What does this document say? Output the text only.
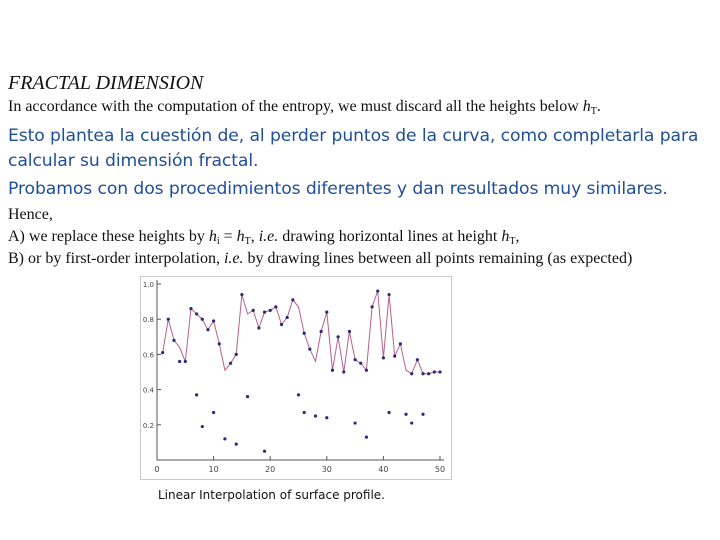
FRACTAL DIMENSION
In accordance with the computation of the entropy, we must discard all the heights below $h_T$.
Esto plantea la cuestión de, al perder puntos de la curva, como completarla para
calcular su dimensión fractal.
Probamos con dos procedimientos diferentes y dan resultados muy similares.
Hence,
A) we replace these heights by $h_i = h_T$, i.e. drawing horizontal lines at height $h_T$,
B) or by first-order interpolation, i.e. by drawing lines between all points remaining (as expected)
0	10	20	30	40	50
0.2
0.4
0.6
0.8
1.0
Linear Interpolation of surface profile.
